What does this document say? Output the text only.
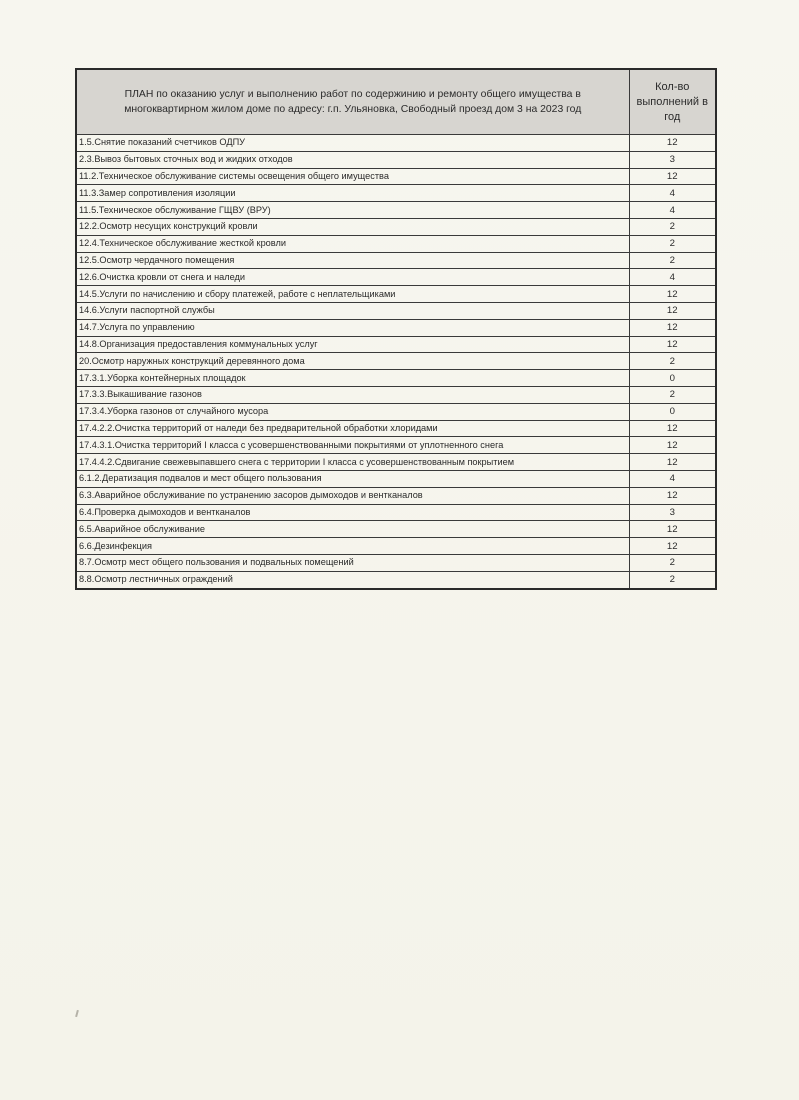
ПЛАН по оказанию услуг и выполнению работ по содержинию и ремонту общего имущества в многоквартирном жилом доме по адресу: г.п. Ульяновка, Свободный проезд дом 3 на 2023 год	Кол-во выполнений в год
1.5.Снятие показаний счетчиков ОДПУ	12
2.3.Вывоз бытовых сточных вод и жидких отходов	3
11.2.Техническое обслуживание системы освещения общего имущества	12
11.3.Замер сопротивления изоляции	4
11.5.Техническое обслуживание ГЩВУ (ВРУ)	4
12.2.Осмотр несущих конструкций кровли	2
12.4.Техническое обслуживание жесткой кровли	2
12.5.Осмотр чердачного помещения	2
12.6.Очистка кровли от снега и наледи	4
14.5.Услуги по начислению и сбору платежей, работе с неплательщиками	12
14.6.Услуги паспортной службы	12
14.7.Услуга по управлению	12
14.8.Организация предоставления коммунальных услуг	12
20.Осмотр наружных конструкций деревянного дома	2
17.3.1.Уборка контейнерных площадок	0
17.3.3.Выкашивание газонов	2
17.3.4.Уборка газонов от случайного мусора	0
17.4.2.2.Очистка территорий от наледи без предварительной обработки хлоридами	12
17.4.3.1.Очистка территорий I класса с усовершенствованными покрытиями от уплотненного снега	12
17.4.4.2.Сдвигание свежевыпавшего снега с территории I класса с усовершенствованным покрытием	12
6.1.2.Дератизация подвалов и мест общего пользования	4
6.3.Аварийное обслуживание по устранению засоров дымоходов и вентканалов	12
6.4.Проверка дымоходов и вентканалов	3
6.5.Аварийное обслуживание	12
6.6.Дезинфекция	12
8.7.Осмотр мест общего пользования и подвальных помещений	2
8.8.Осмотр лестничных ограждений	2
